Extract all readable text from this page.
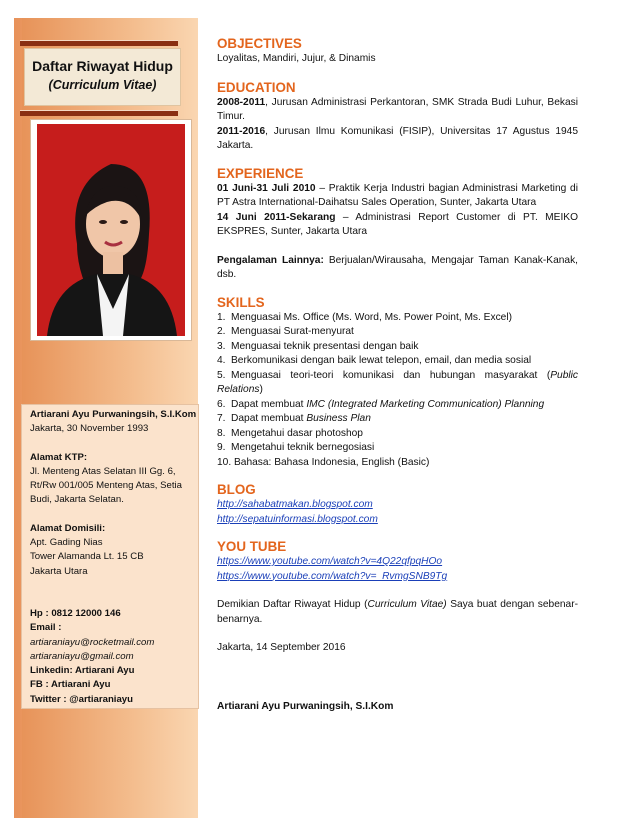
Daftar Riwayat Hidup
(Curriculum Vitae)
Artiarani Ayu Purwaningsih, S.I.Kom
Jakarta, 30 November 1993
Alamat KTP:
Jl. Menteng Atas Selatan III Gg. 6, Rt/Rw 001/005 Menteng Atas, Setia Budi, Jakarta Selatan.
Alamat Domisili:
Apt. Gading Nias
Tower Alamanda Lt. 15 CB
Jakarta Utara
Hp : 0812 12000 146
Email :
artiaraniayu@rocketmail.com
artiaraniayu@gmail.com
Linkedin: Artiarani Ayu
FB : Artiarani Ayu
Twitter : @artiaraniayu
OBJECTIVES
Loyalitas, Mandiri, Jujur, & Dinamis
EDUCATION
2008-2011, Jurusan Administrasi Perkantoran, SMK Strada Budi Luhur, Bekasi Timur.
2011-2016, Jurusan Ilmu Komunikasi (FISIP), Universitas 17 Agustus 1945 Jakarta.
EXPERIENCE
01 Juni-31 Juli 2010 – Praktik Kerja Industri bagian Administrasi Marketing di PT Astra International-Daihatsu Sales Operation, Sunter, Jakarta Utara
14 Juni 2011-Sekarang – Administrasi Report Customer di PT. MEIKO EKSPRES, Sunter, Jakarta Utara
Pengalaman Lainnya: Berjualan/Wirausaha, Mengajar Taman Kanak-Kanak, dsb.
SKILLS
1. Menguasai Ms. Office (Ms. Word, Ms. Power Point, Ms. Excel)
2. Menguasai Surat-menyurat
3. Menguasai teknik presentasi dengan baik
4. Berkomunikasi dengan baik lewat telepon, email, dan media sosial
5. Menguasai teori-teori komunikasi dan hubungan masyarakat (Public Relations)
6. Dapat membuat IMC (Integrated Marketing Communication) Planning
7. Dapat membuat Business Plan
8. Mengetahui dasar photoshop
9. Mengetahui teknik bernegosiasi
10. Bahasa: Bahasa Indonesia, English (Basic)
BLOG
http://sahabatmakan.blogspot.com
http://sepatuinformasi.blogspot.com
YOU TUBE
https://www.youtube.com/watch?v=4Q22qfpqHOo
https://www.youtube.com/watch?v=_RvmgSNB9Tg
Demikian Daftar Riwayat Hidup (Curriculum Vitae) Saya buat dengan sebenar-benarnya.
Jakarta, 14 September 2016
Artiarani Ayu Purwaningsih, S.I.Kom
